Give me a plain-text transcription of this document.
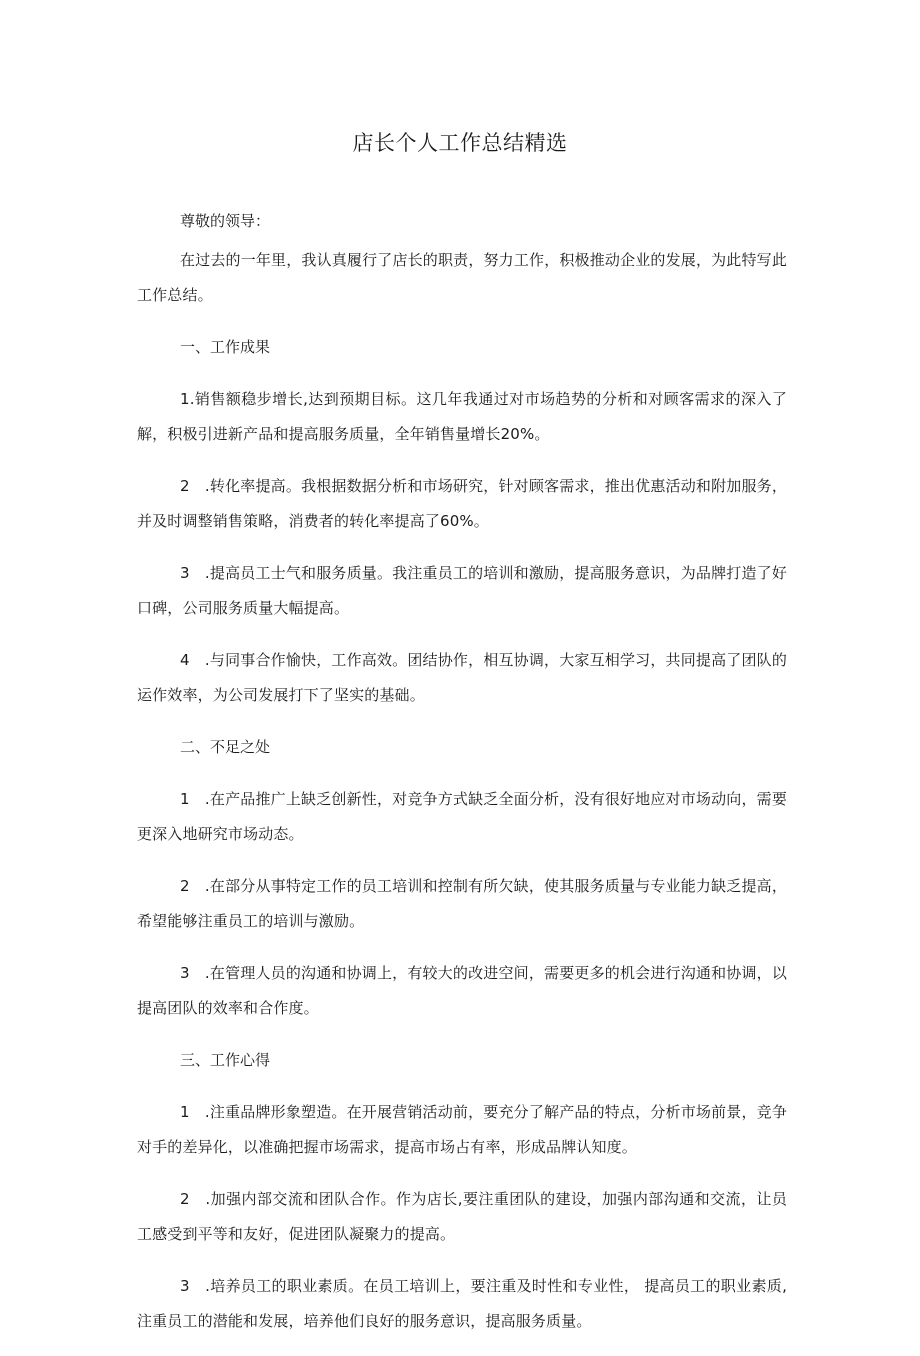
店长个人工作总结精选

尊敬的领导：

在过去的一年里，我认真履行了店长的职责，努力工作，积极推动企业的发展，为此特写此工作总结。

一、工作成果

1.销售额稳步增长,达到预期目标。这几年我通过对市场趋势的分析和对顾客需求的深入了解，积极引进新产品和提高服务质量，全年销售量增长20%。

2　.转化率提高。我根据数据分析和市场研究，针对顾客需求，推出优惠活动和附加服务，并及时调整销售策略，消费者的转化率提高了60%。

3　.提高员工士气和服务质量。我注重员工的培训和激励，提高服务意识，为品牌打造了好口碑，公司服务质量大幅提高。

4　.与同事合作愉快，工作高效。团结协作，相互协调，大家互相学习，共同提高了团队的运作效率，为公司发展打下了坚实的基础。

二、不足之处

1　.在产品推广上缺乏创新性，对竞争方式缺乏全面分析，没有很好地应对市场动向，需要更深入地研究市场动态。

2　.在部分从事特定工作的员工培训和控制有所欠缺，使其服务质量与专业能力缺乏提高，希望能够注重员工的培训与激励。

3　.在管理人员的沟通和协调上，有较大的改进空间，需要更多的机会进行沟通和协调，以提高团队的效率和合作度。

三、工作心得

1　.注重品牌形象塑造。在开展营销活动前，要充分了解产品的特点，分析市场前景，竞争对手的差异化，以准确把握市场需求，提高市场占有率，形成品牌认知度。

2　.加强内部交流和团队合作。作为店长,要注重团队的建设，加强内部沟通和交流，让员工感受到平等和友好，促进团队凝聚力的提高。

3　.培养员工的职业素质。在员工培训上，要注重及时性和专业性， 提高员工的职业素质,注重员工的潜能和发展，培养他们良好的服务意识，提高服务质量。
